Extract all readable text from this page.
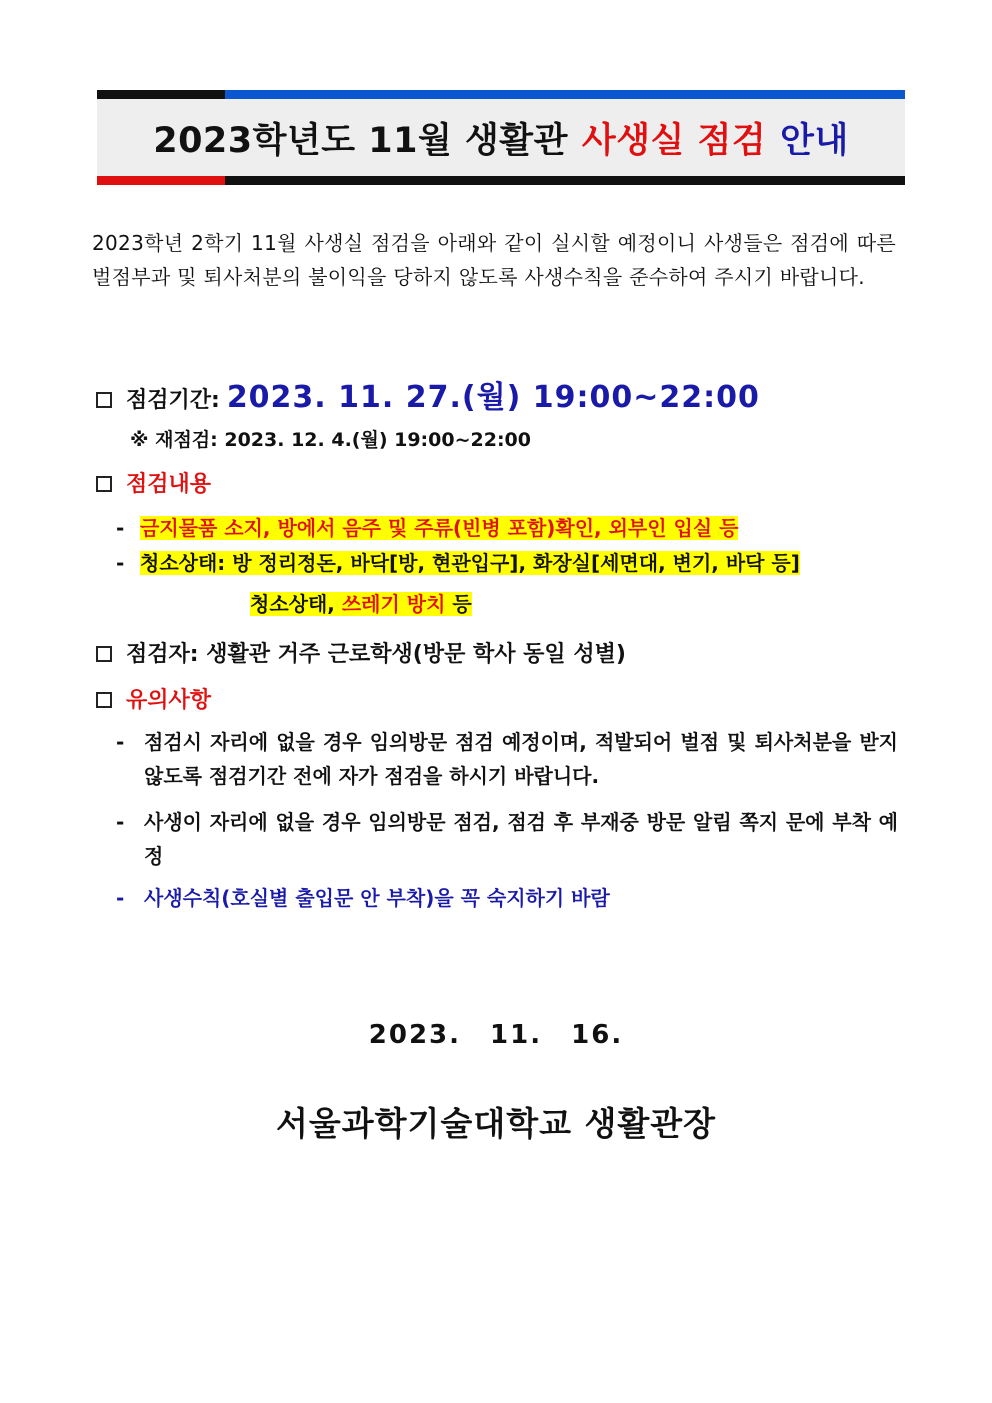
2023학년도 11월 생활관 사생실 점검 안내
2023학년 2학기 11월 사생실 점검을 아래와 같이 실시할 예정이니 사생들은 점검에 따른 벌점부과 및 퇴사처분의 불이익을 당하지 않도록 사생수칙을 준수하여 주시기 바랍니다.
점검기간: 2023. 11. 27.(월) 19:00~22:00
※ 재점검: 2023. 12. 4.(월) 19:00~22:00
점검내용
- 금지물품 소지, 방에서 음주 및 주류(빈병 포함)확인, 외부인 입실 등
- 청소상태: 방 정리정돈, 바닥[방, 현관입구], 화장실[세면대, 변기, 바닥 등]
청소상태, 쓰레기 방치 등
점검자: 생활관 거주 근로학생(방문 학사 동일 성별)
유의사항
- 점검시 자리에 없을 경우 임의방문 점검 예정이며, 적발되어 벌점 및 퇴사처분을 받지 않도록 점검기간 전에 자가 점검을 하시기 바랍니다.
- 사생이 자리에 없을 경우 임의방문 점검, 점검 후 부재중 방문 알림 쪽지 문에 부착 예정
- 사생수칙(호실별 출입문 안 부착)을 꼭 숙지하기 바람
2023. 11. 16.
서울과학기술대학교 생활관장
